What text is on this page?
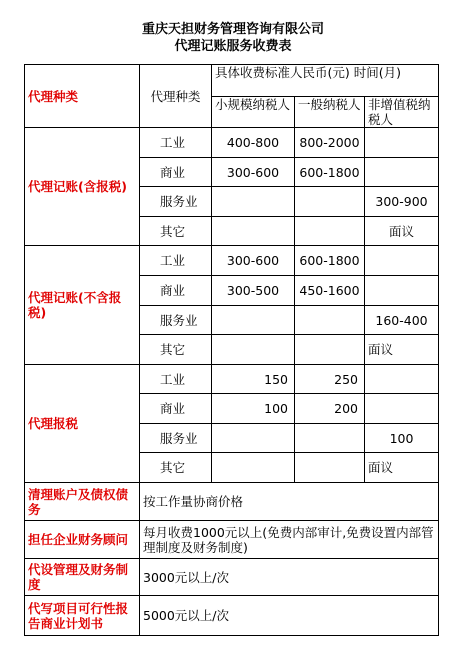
重庆天担财务管理咨询有限公司
代理记账服务收费表
代理种类	代理种类	具体收费标准人民币(元) 时间(月)		
		小规模纳税人	一般纳税人	非增值税纳税人
代理记账(含报税)	工业	400-800	800-2000	
	商业	300-600	600-1800	
	服务业			300-900
	其它			面议
代理记账(不含报税)	工业	300-600	600-1800	
	商业	300-500	450-1600	
	服务业			160-400
	其它			面议
代理报税	工业	150	250	
	商业	100	200	
	服务业			100
	其它			面议
清理账户及债权债务	按工作量协商价格			
担任企业财务顾问	每月收费1000元以上(免费内部审计,免费设置内部管理制度及财务制度)			
代设管理及财务制度	3000元以上/次			
代写项目可行性报告商业计划书	5000元以上/次			
